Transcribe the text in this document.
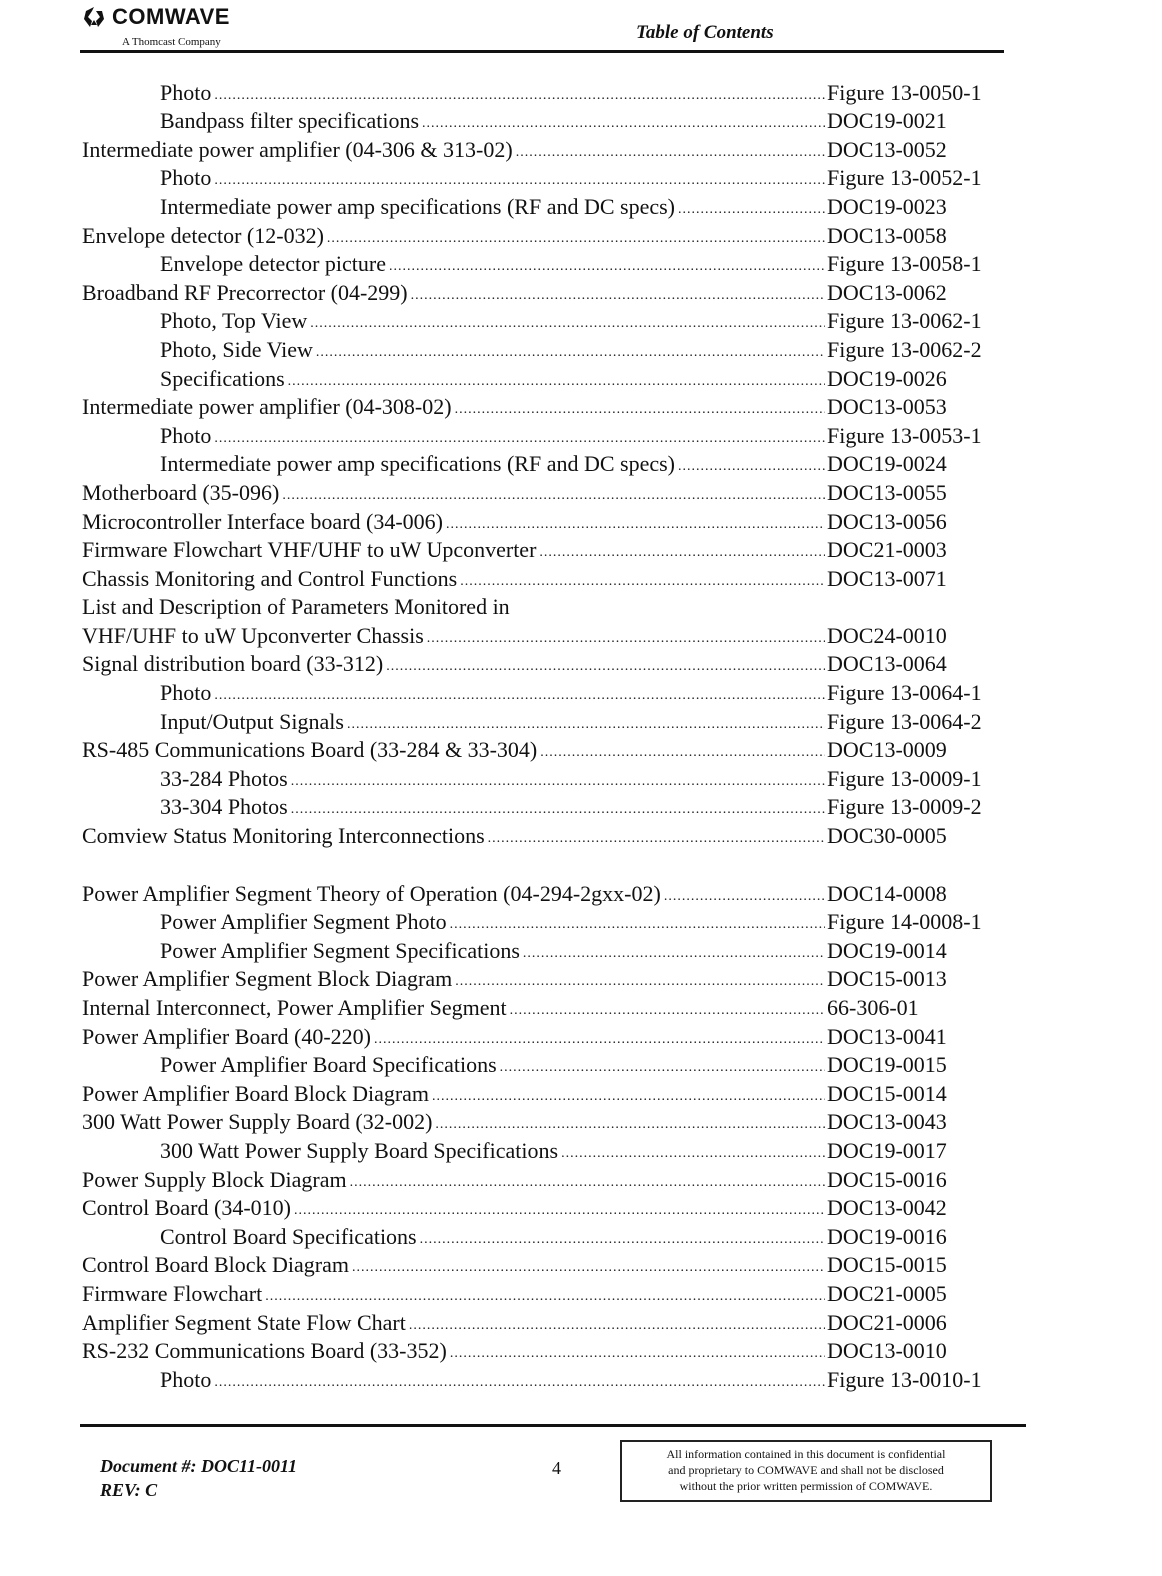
COMWAVE
A Thomcast Company	Table of Contents
Photo .....	Figure 13-0050-1
Bandpass filter specifications .....	DOC19-0021
Intermediate power amplifier (04-306 & 313-02) .....	DOC13-0052
Photo .....	Figure 13-0052-1
Intermediate power amp specifications (RF and DC specs) .....	DOC19-0023
Envelope detector (12-032) .....	DOC13-0058
Envelope detector picture .....	Figure 13-0058-1
Broadband RF Precorrector (04-299) .....	DOC13-0062
Photo, Top View .....	Figure 13-0062-1
Photo, Side View .....	Figure 13-0062-2
Specifications .....	DOC19-0026
Intermediate power amplifier (04-308-02) .....	DOC13-0053
Photo .....	Figure 13-0053-1
Intermediate power amp specifications (RF and DC specs) .....	DOC19-0024
Motherboard (35-096) .....	DOC13-0055
Microcontroller Interface board (34-006) .....	DOC13-0056
Firmware Flowchart VHF/UHF to uW Upconverter .....	DOC21-0003
Chassis Monitoring and Control Functions .....	DOC13-0071
List and Description of Parameters Monitored in
VHF/UHF to uW Upconverter Chassis .....	DOC24-0010
Signal distribution board (33-312) .....	DOC13-0064
Photo .....	Figure 13-0064-1
Input/Output Signals .....	Figure 13-0064-2
RS-485 Communications Board (33-284 & 33-304) .....	DOC13-0009
33-284 Photos .....	Figure 13-0009-1
33-304 Photos .....	Figure 13-0009-2
Comview Status Monitoring Interconnections .....	DOC30-0005
Power Amplifier Segment Theory of Operation (04-294-2gxx-02) .....	DOC14-0008
Power Amplifier Segment Photo .....	Figure 14-0008-1
Power Amplifier Segment Specifications .....	DOC19-0014
Power Amplifier Segment Block Diagram .....	DOC15-0013
Internal Interconnect, Power Amplifier Segment .....	66-306-01
Power Amplifier Board (40-220) .....	DOC13-0041
Power Amplifier Board Specifications .....	DOC19-0015
Power Amplifier Board Block Diagram .....	DOC15-0014
300 Watt Power Supply Board (32-002) .....	DOC13-0043
300 Watt Power Supply Board Specifications .....	DOC19-0017
Power Supply Block Diagram .....	DOC15-0016
Control Board (34-010) .....	DOC13-0042
Control Board Specifications .....	DOC19-0016
Control Board Block Diagram .....	DOC15-0015
Firmware Flowchart .....	DOC21-0005
Amplifier Segment State Flow Chart .....	DOC21-0006
RS-232 Communications Board (33-352) .....	DOC13-0010
Photo .....	Figure 13-0010-1
Document #: DOC11-0011
REV: C
4
All information contained in this document is confidential
and proprietary to COMWAVE and shall not be disclosed
without the prior written permission of COMWAVE.
